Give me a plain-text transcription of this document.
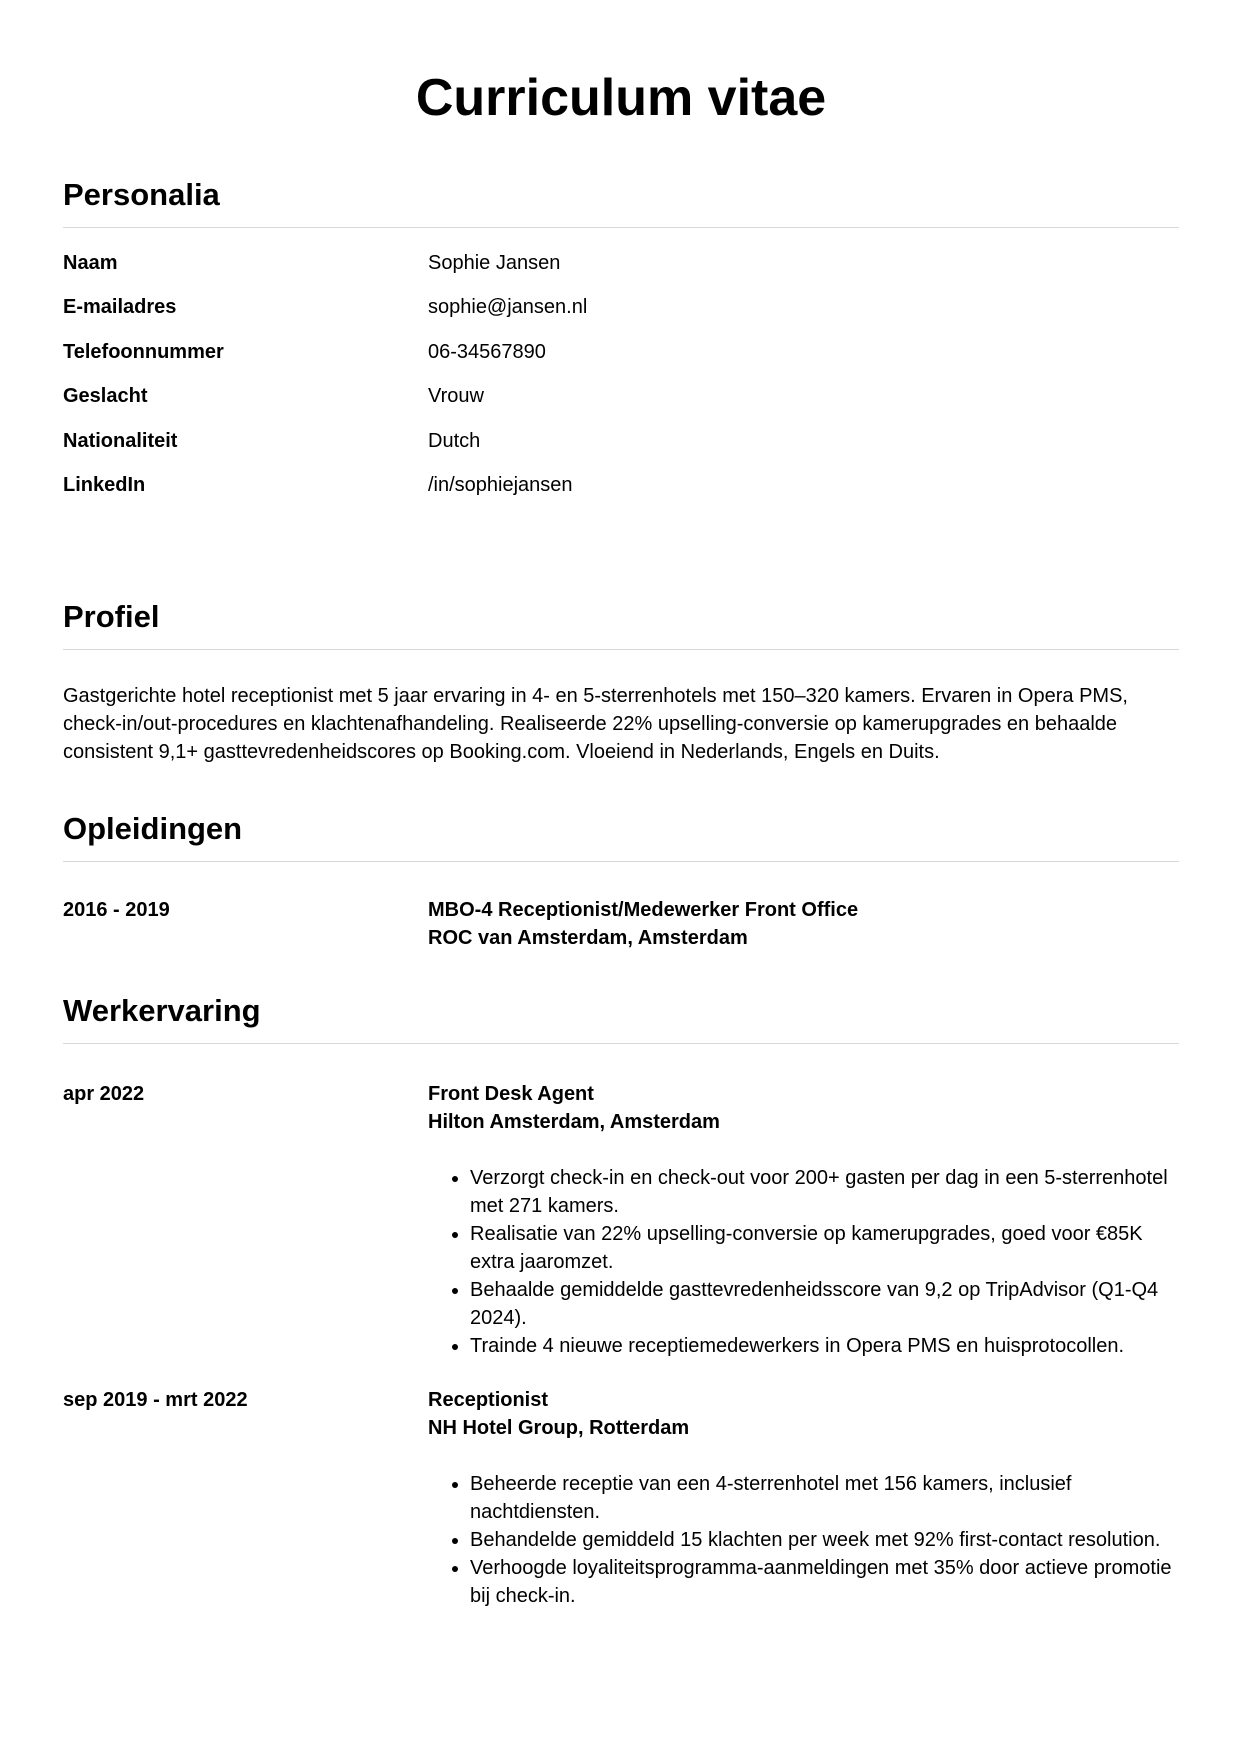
Curriculum vitae
Personalia
Naam	Sophie Jansen
E-mailadres	sophie@jansen.nl
Telefoonnummer	06-34567890
Geslacht	Vrouw
Nationaliteit	Dutch
LinkedIn	/in/sophiejansen
Profiel
Gastgerichte hotel receptionist met 5 jaar ervaring in 4- en 5-sterrenhotels met 150–320 kamers. Ervaren in Opera PMS, check-in/out-procedures en klachtenafhandeling. Realiseerde 22% upselling-conversie op kamerupgrades en behaalde consistent 9,1+ gasttevredenheidscores op Booking.com. Vloeiend in Nederlands, Engels en Duits.
Opleidingen
2016 - 2019	MBO-4 Receptionist/Medewerker Front Office
ROC van Amsterdam, Amsterdam
Werkervaring
apr 2022	Front Desk Agent
Hilton Amsterdam, Amsterdam
• Verzorgt check-in en check-out voor 200+ gasten per dag in een 5-sterrenhotel met 271 kamers.
• Realisatie van 22% upselling-conversie op kamerupgrades, goed voor €85K extra jaaromzet.
• Behaalde gemiddelde gasttevredenheidsscore van 9,2 op TripAdvisor (Q1-Q4 2024).
• Trainde 4 nieuwe receptiemedewerkers in Opera PMS en huisprotocollen.
sep 2019 - mrt 2022	Receptionist
NH Hotel Group, Rotterdam
• Beheerde receptie van een 4-sterrenhotel met 156 kamers, inclusief nachtdiensten.
• Behandelde gemiddeld 15 klachten per week met 92% first-contact resolution.
• Verhoogde loyaliteitsprogramma-aanmeldingen met 35% door actieve promotie bij check-in.
